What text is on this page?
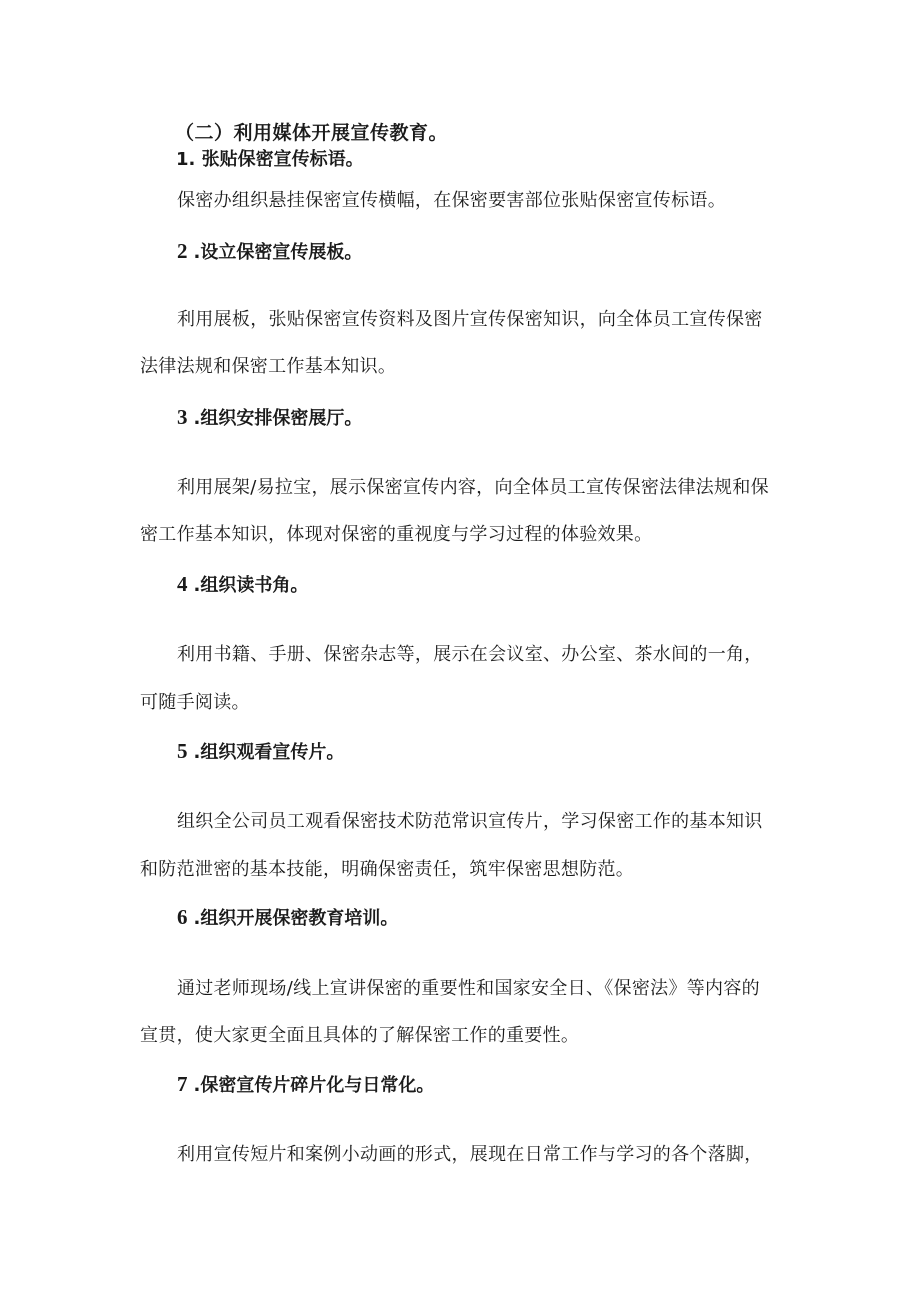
（二）利用媒体开展宣传教育。
1. 张贴保密宣传标语。
保密办组织悬挂保密宣传横幅，在保密要害部位张贴保密宣传标语。
2 .设立保密宣传展板。
利用展板，张贴保密宣传资料及图片宣传保密知识，向全体员工宣传保密
法律法规和保密工作基本知识。
3 .组织安排保密展厅。
利用展架/易拉宝，展示保密宣传内容，向全体员工宣传保密法律法规和保
密工作基本知识，体现对保密的重视度与学习过程的体验效果。
4 .组织读书角。
利用书籍、手册、保密杂志等，展示在会议室、办公室、茶水间的一角，
可随手阅读。
5 .组织观看宣传片。
组织全公司员工观看保密技术防范常识宣传片，学习保密工作的基本知识
和防范泄密的基本技能，明确保密责任，筑牢保密思想防范。
6 .组织开展保密教育培训。
通过老师现场/线上宣讲保密的重要性和国家安全日、《保密法》等内容的
宣贯，使大家更全面且具体的了解保密工作的重要性。
7 .保密宣传片碎片化与日常化。
利用宣传短片和案例小动画的形式，展现在日常工作与学习的各个落脚，
